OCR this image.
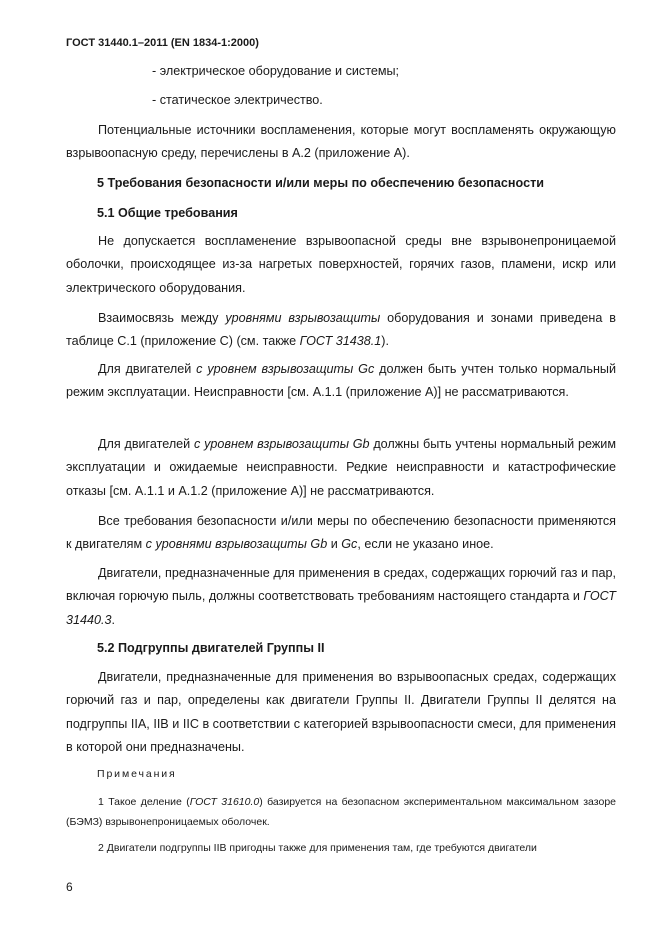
ГОСТ 31440.1–2011 (EN 1834-1:2000)

- электрическое оборудование и системы;

- статическое электричество.

Потенциальные источники воспламенения, которые могут воспламенять окружающую взрывоопасную среду, перечислены в А.2 (приложение А).

5 Требования безопасности и/или меры по обеспечению безопасности

5.1 Общие требования

Не допускается воспламенение взрывоопасной среды вне взрывонепроницаемой оболочки, происходящее из-за нагретых поверхностей, горячих газов, пламени, искр или электрического оборудования.

Взаимосвязь между уровнями взрывозащиты оборудования и зонами приведена в таблице С.1 (приложение С) (см. также ГОСТ 31438.1).

Для двигателей с уровнем взрывозащиты Gc должен быть учтен только нормальный режим эксплуатации. Неисправности [см. А.1.1 (приложение А)] не рассматриваются.

Для двигателей с уровнем взрывозащиты Gb должны быть учтены нормальный режим эксплуатации и ожидаемые неисправности. Редкие неисправности и катастрофические отказы [см. А.1.1 и А.1.2 (приложение А)] не рассматриваются.

Все требования безопасности и/или меры по обеспечению безопасности применяются к двигателям с уровнями взрывозащиты Gb и Gc, если не указано иное.

Двигатели, предназначенные для применения в средах, содержащих горючий газ и пар, включая горючую пыль, должны соответствовать требованиям настоящего стандарта и ГОСТ 31440.3.

5.2 Подгруппы двигателей Группы II

Двигатели, предназначенные для применения во взрывоопасных средах, содержащих горючий газ и пар, определены как двигатели Группы II. Двигатели Группы II делятся на подгруппы IIA, IIB и IIC в соответствии с категорией взрывоопасности смеси, для применения в которой они предназначены.

Примечания

1 Такое деление (ГОСТ 31610.0) базируется на безопасном экспериментальном максимальном зазоре (БЭМЗ) взрывонепроницаемых оболочек.

2 Двигатели подгруппы IIB пригодны также для применения там, где требуются двигатели

6
